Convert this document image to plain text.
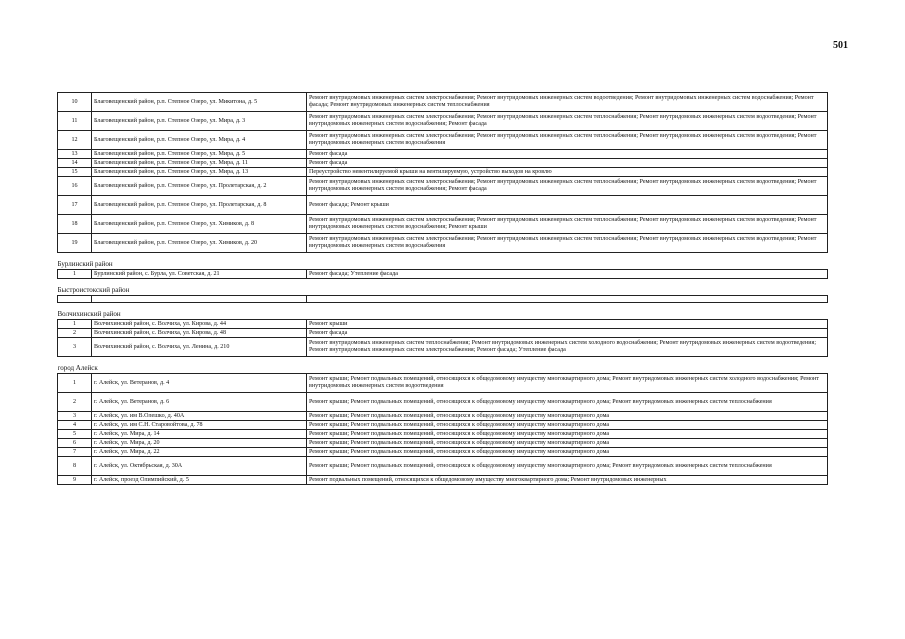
501
10	Благовещенский район, р.п. Степное Озеро, ул. Микитона, д. 5	Ремонт внутридомовых инженерных систем электроснабжения; Ремонт внутридомовых инженерных систем водоотведения; Ремонт внутридомовых инженерных систем водоснабжения; Ремонт фасада; Ремонт внутридомовых инженерных систем теплоснабжения
11	Благовещенский район, р.п. Степное Озеро, ул. Мира, д. 3	Ремонт внутридомовых инженерных систем электроснабжения; Ремонт внутридомовых инженерных систем теплоснабжения; Ремонт внутридомовых инженерных систем водоотведения; Ремонт внутридомовых инженерных систем водоснабжения; Ремонт фасада
12	Благовещенский район, р.п. Степное Озеро, ул. Мира, д. 4	Ремонт внутридомовых инженерных систем электроснабжения; Ремонт внутридомовых инженерных систем теплоснабжения; Ремонт внутридомовых инженерных систем водоотведения; Ремонт внутридомовых инженерных систем водоснабжения
13	Благовещенский район, р.п. Степное Озеро, ул. Мира, д. 5	Ремонт фасада
14	Благовещенский район, р.п. Степное Озеро, ул. Мира, д. 11	Ремонт фасада
15	Благовещенский район, р.п. Степное Озеро, ул. Мира, д. 13	Переустройство невентилируемой крыши на вентилируемую, устройство выходов на кровлю
16	Благовещенский район, р.п. Степное Озеро, ул. Пролетарская, д. 2	Ремонт внутридомовых инженерных систем электроснабжения; Ремонт внутридомовых инженерных систем теплоснабжения; Ремонт внутридомовых инженерных систем водоотведения; Ремонт внутридомовых инженерных систем водоснабжения; Ремонт фасада
17	Благовещенский район, р.п. Степное Озеро, ул. Пролетарская, д. 8	Ремонт фасада; Ремонт крыши
18	Благовещенский район, р.п. Степное Озеро, ул. Химиков, д. 8	Ремонт внутридомовых инженерных систем электроснабжения; Ремонт внутридомовых инженерных систем теплоснабжения; Ремонт внутридомовых инженерных систем водоотведения; Ремонт внутридомовых инженерных систем водоснабжения; Ремонт крыши
19	Благовещенский район, р.п. Степное Озеро, ул. Химиков, д. 20	Ремонт внутридомовых инженерных систем электроснабжения; Ремонт внутридомовых инженерных систем теплоснабжения; Ремонт внутридомовых инженерных систем водоотведения; Ремонт внутридомовых инженерных систем водоснабжения

Бурлинский район		
1	Бурлинский район, с. Бурла, ул. Советская, д. 21	Ремонт фасада; Утепление фасада

Быстроистокский район		

Волчихинский район		
1	Волчихинский район, с. Волчиха, ул. Кирова, д. 44	Ремонт крыши
2	Волчихинский район, с. Волчиха, ул. Кирова, д. 48	Ремонт фасада
3	Волчихинский район, с. Волчиха, ул. Ленина, д. 210	Ремонт внутридомовых инженерных систем теплоснабжения; Ремонт внутридомовых инженерных систем холодного водоснабжения; Ремонт внутридомовых инженерных систем водоотведения; Ремонт внутридомовых инженерных систем электроснабжения; Ремонт фасада; Утепление фасада

город Алейск		
1	г. Алейск, ул. Ветеранов, д. 4	Ремонт крыши; Ремонт подвальных помещений, относящихся к общедомовому имуществу многоквартирного дома; Ремонт внутридомовых инженерных систем холодного водоснабжения; Ремонт внутридомовых инженерных систем водоотведения
2	г. Алейск, ул. Ветеранов, д. 6	Ремонт крыши; Ремонт подвальных помещений, относящихся к общедомовому имуществу многоквартирного дома; Ремонт внутридомовых инженерных систем теплоснабжения
3	г. Алейск, ул. им В.Олешко, д. 40А	Ремонт крыши; Ремонт подвальных помещений, относящихся к общедомовому имуществу многоквартирного дома
4	г. Алейск, ул. им С.Н. Старовойтова, д. 78	Ремонт крыши; Ремонт подвальных помещений, относящихся к общедомовому имуществу многоквартирного дома
5	г. Алейск, ул. Мира, д. 14	Ремонт крыши; Ремонт подвальных помещений, относящихся к общедомовому имуществу многоквартирного дома
6	г. Алейск, ул. Мира, д. 20	Ремонт крыши; Ремонт подвальных помещений, относящихся к общедомовому имуществу многоквартирного дома
7	г. Алейск, ул. Мира, д. 22	Ремонт крыши; Ремонт подвальных помещений, относящихся к общедомовому имуществу многоквартирного дома
8	г. Алейск, ул. Октябрьская, д. 30А	Ремонт крыши; Ремонт подвальных помещений, относящихся к общедомовому имуществу многоквартирного дома; Ремонт внутридомовых инженерных систем теплоснабжения
9	г. Алейск, проезд Олимпийский, д. 5	Ремонт подвальных помещений, относящихся к общедомовому имуществу многоквартирного дома; Ремонт внутридомовых инженерных
